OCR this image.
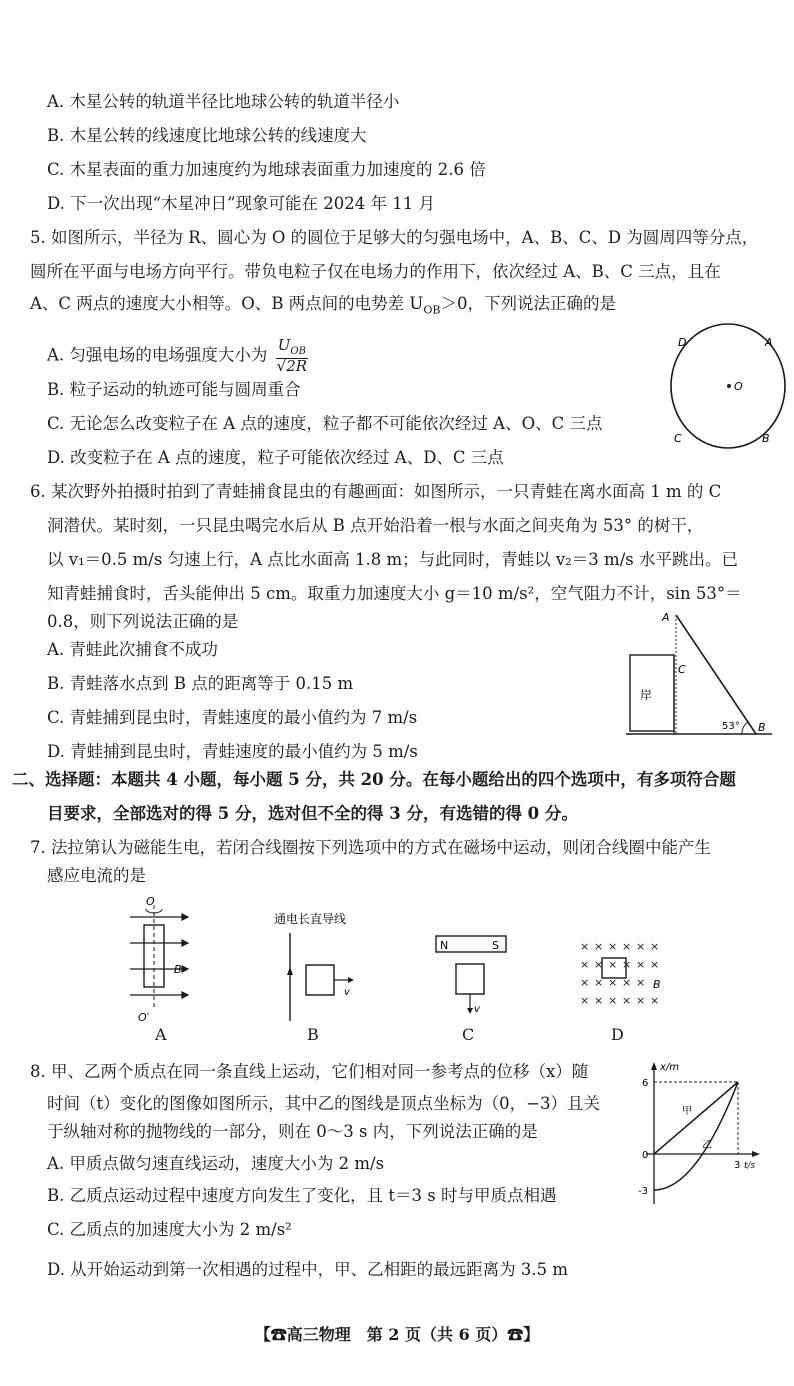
A. 木星公转的轨道半径比地球公转的轨道半径小
B. 木星公转的线速度比地球公转的线速度大
C. 木星表面的重力加速度约为地球表面重力加速度的 2.6 倍
D. 下一次出现“木星冲日”现象可能在 2024 年 11 月
5. 如图所示，半径为 R、圆心为 O 的圆位于足够大的匀强电场中，A、B、C、D 为圆周四等分点，
圆所在平面与电场方向平行。带负电粒子仅在电场力的作用下，依次经过 A、B、C 三点，且在
A、C 两点的速度大小相等。O、B 两点间的电势差 $U_{OB}>0$，下列说法正确的是
A. 匀强电场的电场强度大小为 $\frac{U_{OB}}{√2R}$
B. 粒子运动的轨迹可能与圆周重合
C. 无论怎么改变粒子在 A 点的速度，粒子都不可能依次经过 A、O、C 三点
D. 改变粒子在 A 点的速度，粒子可能依次经过 A、D、C 三点
O
D	A
C	B
6. 某次野外拍摄时拍到了青蛙捕食昆虫的有趣画面：如图所示，一只青蛙在离水面高 1 m 的 C
洞潜伏。某时刻，一只昆虫喝完水后从 B 点开始沿着一根与水面之间夹角为 53° 的树干，
以 v₁＝0.5 m/s 匀速上行，A 点比水面高 1.8 m；与此同时，青蛙以 v₂＝3 m/s 水平跳出。已
知青蛙捕食时，舌头能伸出 5 cm。取重力加速度大小 g＝10 m/s²，空气阻力不计，sin 53°＝
0.8，则下列说法正确的是
A. 青蛙此次捕食不成功
B. 青蛙落水点到 B 点的距离等于 0.15 m
C. 青蛙捕到昆虫时，青蛙速度的最小值约为 7 m/s
D. 青蛙捕到昆虫时，青蛙速度的最小值约为 5 m/s
岸
A
C
53° B
二、选择题：本题共 4 小题，每小题 5 分，共 20 分。在每小题给出的四个选项中，有多项符合题
目要求，全部选对的得 5 分，选对但不全的得 3 分，有选错的得 0 分。
7. 法拉第认为磁能生电，若闭合线圈按下列选项中的方式在磁场中运动，则闭合线圈中能产生
感应电流的是
O
B
O′
A
通电长直导线
v
B
N	S
v
C
× × × × × ×
× × × × × ×
× × × × ×
× × × × × ×
B
D
8. 甲、乙两个质点在同一条直线上运动，它们相对同一参考点的位移（x）随
时间（t）变化的图像如图所示，其中乙的图线是顶点坐标为（0，−3）且关
于纵轴对称的抛物线的一部分，则在 0～3 s 内，下列说法正确的是
A. 甲质点做匀速直线运动，速度大小为 2 m/s
B. 乙质点运动过程中速度方向发生了变化，且 t＝3 s 时与甲质点相遇
C. 乙质点的加速度大小为 2 m/s²
D. 从开始运动到第一次相遇的过程中，甲、乙相距的最远距离为 3.5 m
x/m
6
0
-3
3 t/s
甲
乙
【☎高三物理　第 2 页（共 6 页）☎】
